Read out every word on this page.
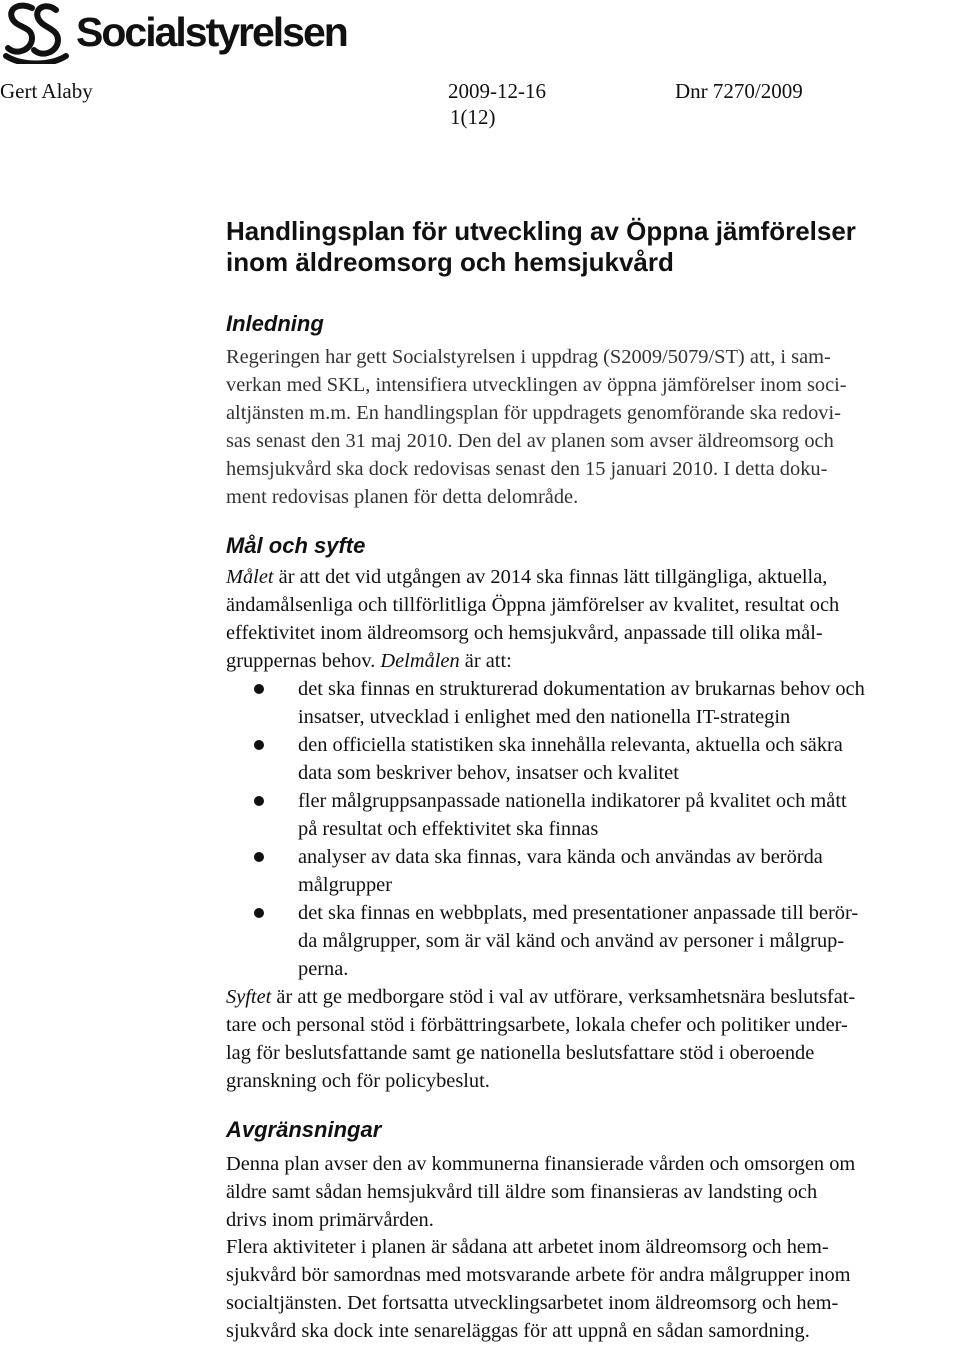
Socialstyrelsen
Gert Alaby	2009-12-16
1(12)
Dnr 7270/2009
Handlingsplan för utveckling av Öppna jämförelser
inom äldreomsorg och hemsjukvård
Inledning
Regeringen har gett Socialstyrelsen i uppdrag (S2009/5079/ST) att, i sam-
verkan med SKL, intensifiera utvecklingen av öppna jämförelser inom soci-
altjänsten m.m. En handlingsplan för uppdragets genomförande ska redovi-
sas senast den 31 maj 2010. Den del av planen som avser äldreomsorg och
hemsjukvård ska dock redovisas senast den 15 januari 2010. I detta doku-
ment redovisas planen för detta delområde.
Mål och syfte
Målet är att det vid utgången av 2014 ska finnas lätt tillgängliga, aktuella,
ändamålsenliga och tillförlitliga Öppna jämförelser av kvalitet, resultat och
effektivitet inom äldreomsorg och hemsjukvård, anpassade till olika mål-
gruppernas behov. Delmålen är att:
det ska finnas en strukturerad dokumentation av brukarnas behov och
insatser, utvecklad i enlighet med den nationella IT-strategin
den officiella statistiken ska innehålla relevanta, aktuella och säkra
data som beskriver behov, insatser och kvalitet
fler målgruppsanpassade nationella indikatorer på kvalitet och mått
på resultat och effektivitet ska finnas
analyser av data ska finnas, vara kända och användas av berörda
målgrupper
det ska finnas en webbplats, med presentationer anpassade till berör-
da målgrupper, som är väl känd och använd av personer i målgrup-
perna.
Syftet är att ge medborgare stöd i val av utförare, verksamhetsnära beslutsfat-
tare och personal stöd i förbättringsarbete, lokala chefer och politiker under-
lag för beslutsfattande samt ge nationella beslutsfattare stöd i oberoende
granskning och för policybeslut.
Avgränsningar
Denna plan avser den av kommunerna finansierade vården och omsorgen om
äldre samt sådan hemsjukvård till äldre som finansieras av landsting och
drivs inom primärvården.
Flera aktiviteter i planen är sådana att arbetet inom äldreomsorg och hem-
sjukvård bör samordnas med motsvarande arbete för andra målgrupper inom
socialtjänsten. Det fortsatta utvecklingsarbetet inom äldreomsorg och hem-
sjukvård ska dock inte senareläggas för att uppnå en sådan samordning.
